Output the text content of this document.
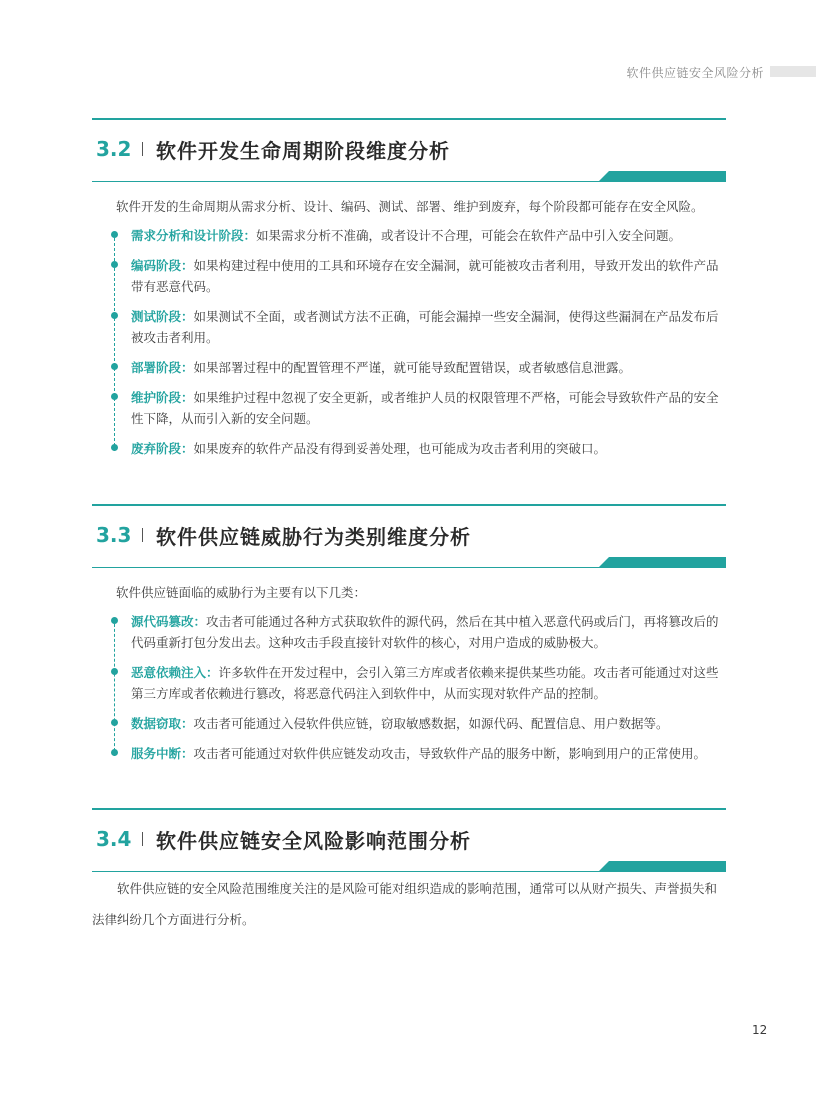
软件供应链安全风险分析
3.2 软件开发生命周期阶段维度分析
软件开发的生命周期从需求分析、设计、编码、测试、部署、维护到废弃，每个阶段都可能存在安全风险。
需求分析和设计阶段：如果需求分析不准确，或者设计不合理，可能会在软件产品中引入安全问题。
编码阶段：如果构建过程中使用的工具和环境存在安全漏洞，就可能被攻击者利用，导致开发出的软件产品带有恶意代码。
测试阶段：如果测试不全面，或者测试方法不正确，可能会漏掉一些安全漏洞，使得这些漏洞在产品发布后被攻击者利用。
部署阶段：如果部署过程中的配置管理不严谨，就可能导致配置错误，或者敏感信息泄露。
维护阶段：如果维护过程中忽视了安全更新，或者维护人员的权限管理不严格，可能会导致软件产品的安全性下降，从而引入新的安全问题。
废弃阶段：如果废弃的软件产品没有得到妥善处理，也可能成为攻击者利用的突破口。
3.3 软件供应链威胁行为类别维度分析
软件供应链面临的威胁行为主要有以下几类：
源代码篡改：攻击者可能通过各种方式获取软件的源代码，然后在其中植入恶意代码或后门，再将篡改后的代码重新打包分发出去。这种攻击手段直接针对软件的核心，对用户造成的威胁极大。
恶意依赖注入：许多软件在开发过程中，会引入第三方库或者依赖来提供某些功能。攻击者可能通过对这些第三方库或者依赖进行篡改，将恶意代码注入到软件中，从而实现对软件产品的控制。
数据窃取：攻击者可能通过入侵软件供应链，窃取敏感数据，如源代码、配置信息、用户数据等。
服务中断：攻击者可能通过对软件供应链发动攻击，导致软件产品的服务中断，影响到用户的正常使用。
3.4 软件供应链安全风险影响范围分析
软件供应链的安全风险范围维度关注的是风险可能对组织造成的影响范围，通常可以从财产损失、声誉损失和法律纠纷几个方面进行分析。
12
